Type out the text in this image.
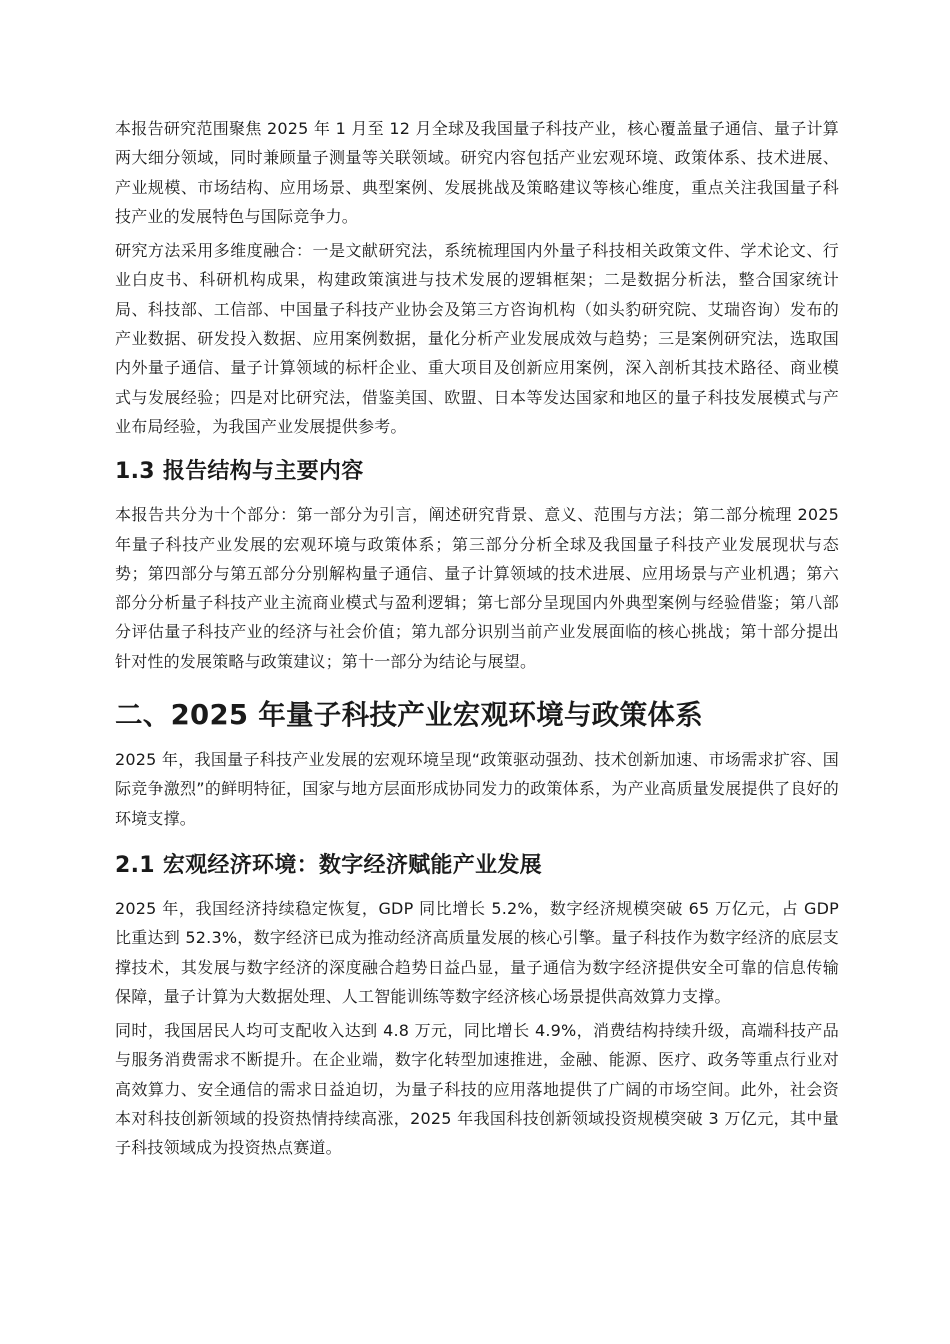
本报告研究范围聚焦 2025 年 1 月至 12 月全球及我国量子科技产业，核心覆盖量子通信、量子计算两大细分领域，同时兼顾量子测量等关联领域。研究内容包括产业宏观环境、政策体系、技术进展、产业规模、市场结构、应用场景、典型案例、发展挑战及策略建议等核心维度，重点关注我国量子科技产业的发展特色与国际竞争力。

研究方法采用多维度融合：一是文献研究法，系统梳理国内外量子科技相关政策文件、学术论文、行业白皮书、科研机构成果，构建政策演进与技术发展的逻辑框架；二是数据分析法，整合国家统计局、科技部、工信部、中国量子科技产业协会及第三方咨询机构（如头豹研究院、艾瑞咨询）发布的产业数据、研发投入数据、应用案例数据，量化分析产业发展成效与趋势；三是案例研究法，选取国内外量子通信、量子计算领域的标杆企业、重大项目及创新应用案例，深入剖析其技术路径、商业模式与发展经验；四是对比研究法，借鉴美国、欧盟、日本等发达国家和地区的量子科技发展模式与产业布局经验，为我国产业发展提供参考。

1.3 报告结构与主要内容

本报告共分为十个部分：第一部分为引言，阐述研究背景、意义、范围与方法；第二部分梳理 2025 年量子科技产业发展的宏观环境与政策体系；第三部分分析全球及我国量子科技产业发展现状与态势；第四部分与第五部分分别解构量子通信、量子计算领域的技术进展、应用场景与产业机遇；第六部分分析量子科技产业主流商业模式与盈利逻辑；第七部分呈现国内外典型案例与经验借鉴；第八部分评估量子科技产业的经济与社会价值；第九部分识别当前产业发展面临的核心挑战；第十部分提出针对性的发展策略与政策建议；第十一部分为结论与展望。

二、2025 年量子科技产业宏观环境与政策体系

2025 年，我国量子科技产业发展的宏观环境呈现“政策驱动强劲、技术创新加速、市场需求扩容、国际竞争激烈”的鲜明特征，国家与地方层面形成协同发力的政策体系，为产业高质量发展提供了良好的环境支撑。

2.1 宏观经济环境：数字经济赋能产业发展

2025 年，我国经济持续稳定恢复，GDP 同比增长 5.2%，数字经济规模突破 65 万亿元，占 GDP 比重达到 52.3%，数字经济已成为推动经济高质量发展的核心引擎。量子科技作为数字经济的底层支撑技术，其发展与数字经济的深度融合趋势日益凸显，量子通信为数字经济提供安全可靠的信息传输保障，量子计算为大数据处理、人工智能训练等数字经济核心场景提供高效算力支撑。

同时，我国居民人均可支配收入达到 4.8 万元，同比增长 4.9%，消费结构持续升级，高端科技产品与服务消费需求不断提升。在企业端，数字化转型加速推进，金融、能源、医疗、政务等重点行业对高效算力、安全通信的需求日益迫切，为量子科技的应用落地提供了广阔的市场空间。此外，社会资本对科技创新领域的投资热情持续高涨，2025 年我国科技创新领域投资规模突破 3 万亿元，其中量子科技领域成为投资热点赛道。
